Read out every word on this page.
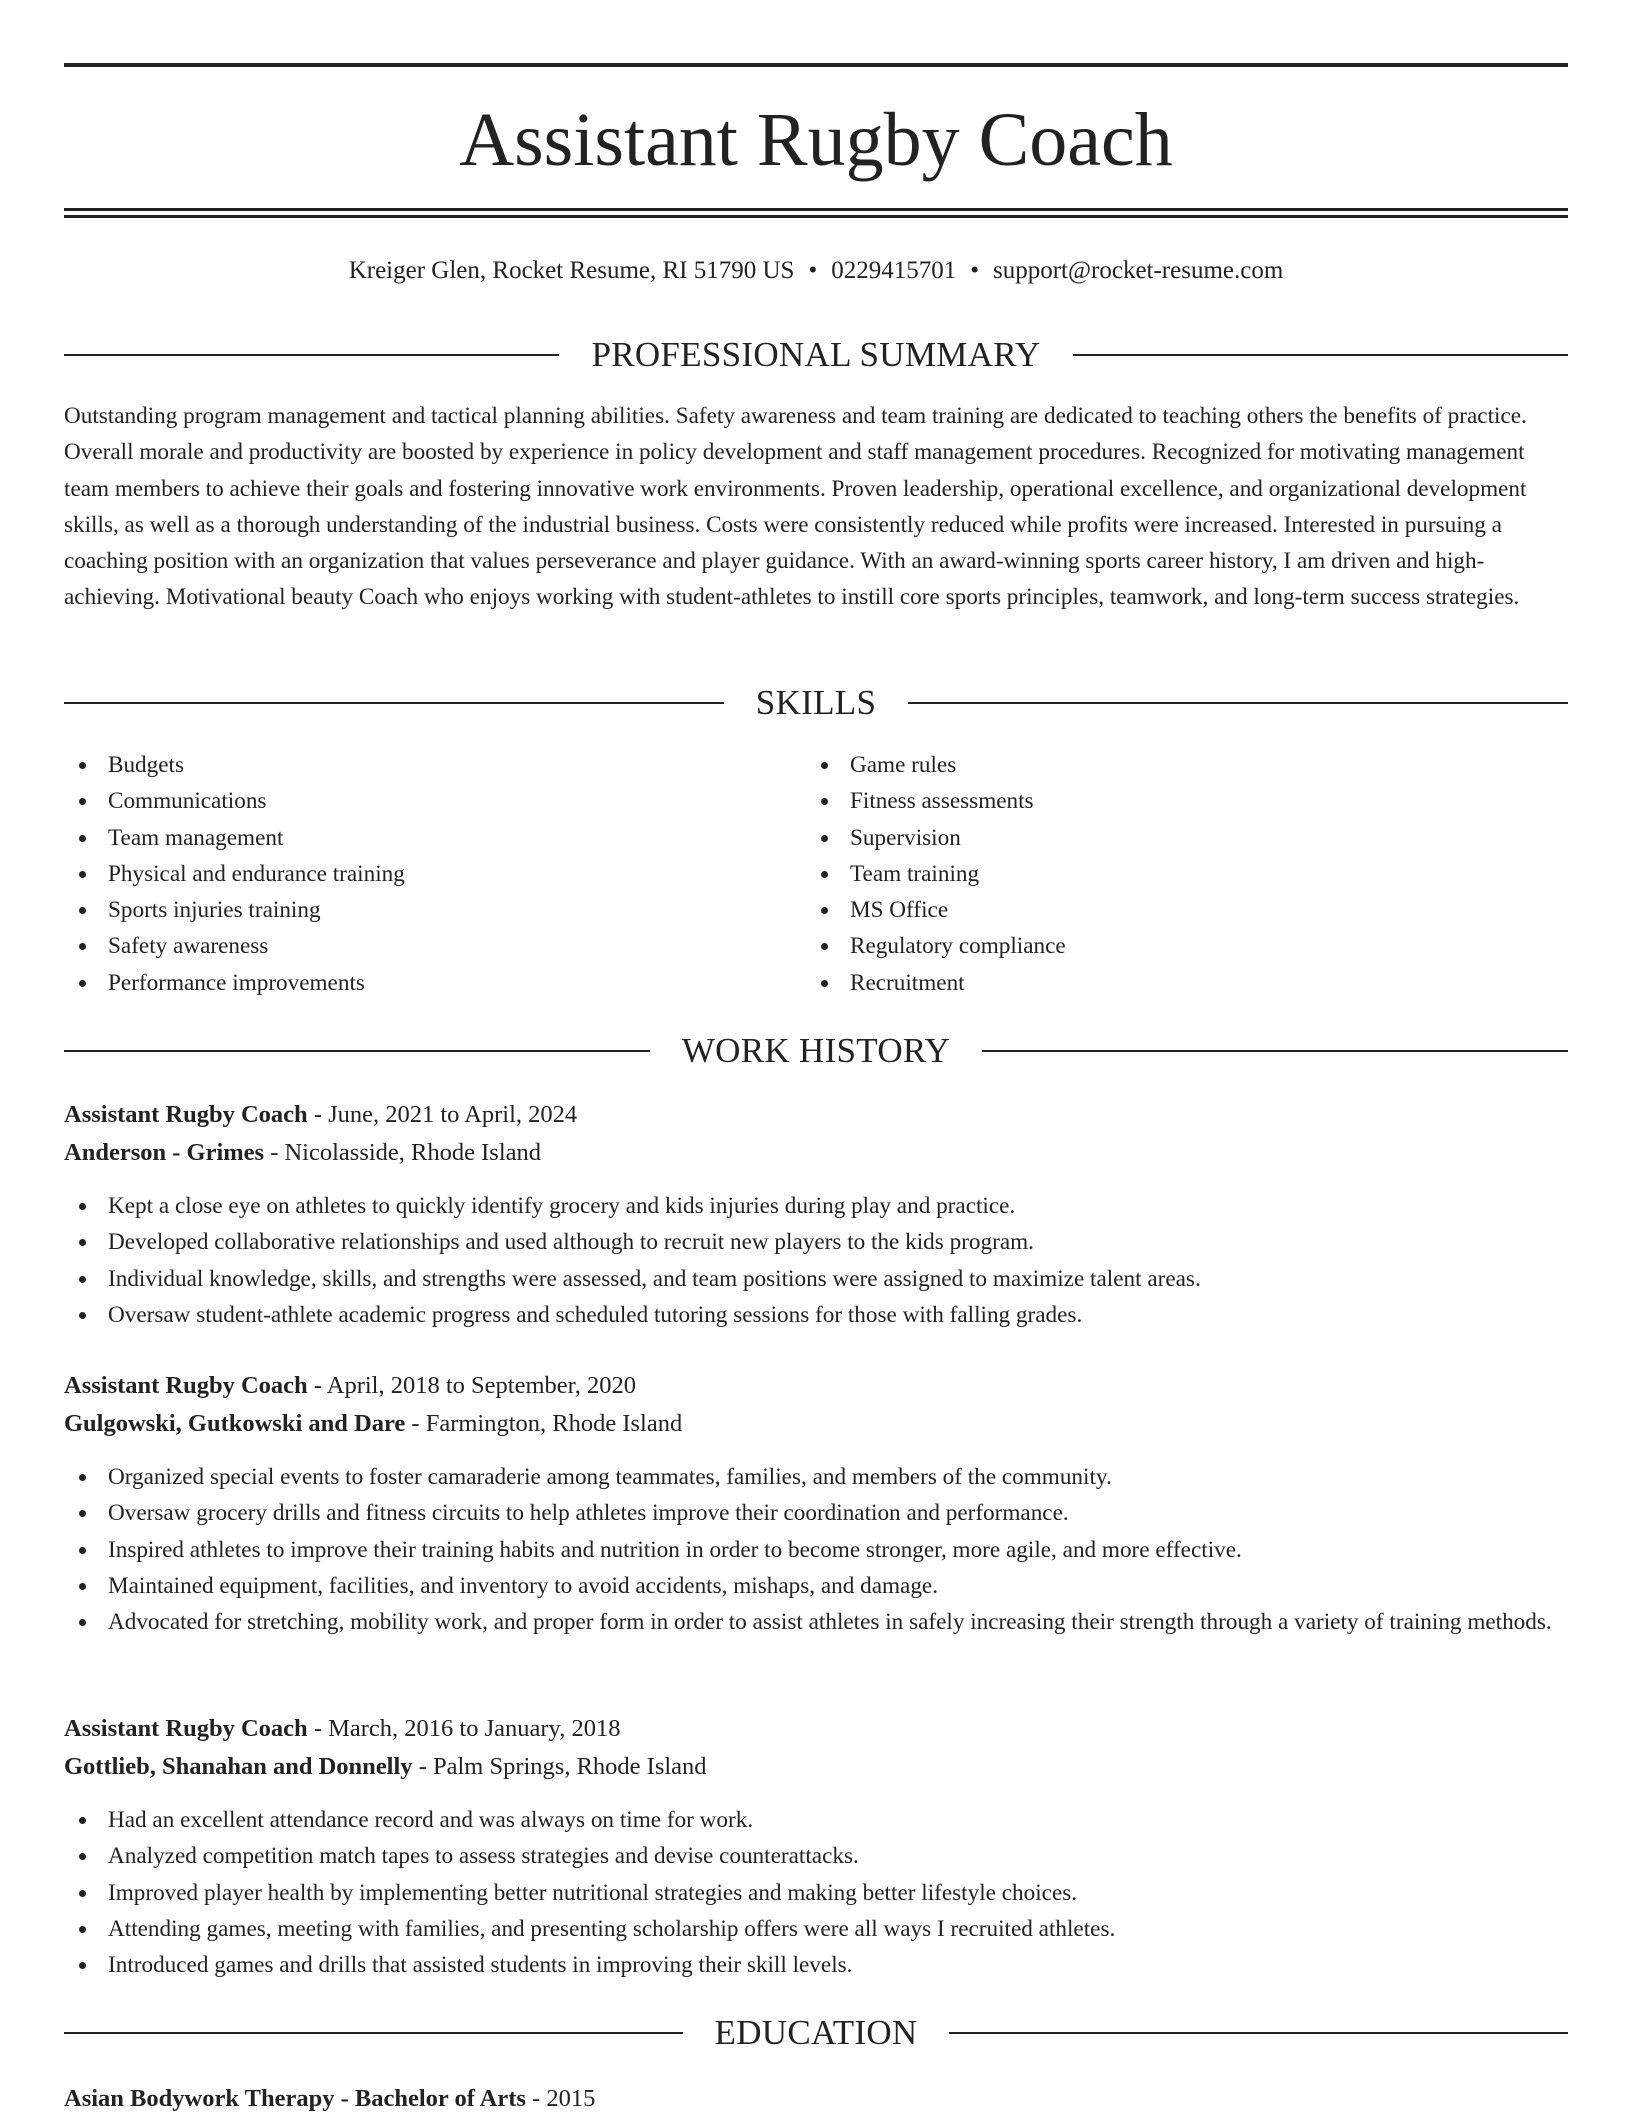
Assistant Rugby Coach
Kreiger Glen, Rocket Resume, RI 51790 US • 0229415701 • support@rocket-resume.com
PROFESSIONAL SUMMARY

Outstanding program management and tactical planning abilities. Safety awareness and team training are dedicated to teaching others the benefits of practice. Overall morale and productivity are boosted by experience in policy development and staff management procedures. Recognized for motivating management team members to achieve their goals and fostering innovative work environments. Proven leadership, operational excellence, and organizational development skills, as well as a thorough understanding of the industrial business. Costs were consistently reduced while profits were increased. Interested in pursuing a coaching position with an organization that values perseverance and player guidance. With an award-winning sports career history, I am driven and high-achieving. Motivational beauty Coach who enjoys working with student-athletes to instill core sports principles, teamwork, and long-term success strategies.

SKILLS
Budgets
Communications
Team management
Physical and endurance training
Sports injuries training
Safety awareness
Performance improvements
Game rules
Fitness assessments
Supervision
Team training
MS Office
Regulatory compliance
Recruitment
WORK HISTORY
Assistant Rugby Coach - June, 2021 to April, 2024
Anderson - Grimes - Nicolasside, Rhode Island
Kept a close eye on athletes to quickly identify grocery and kids injuries during play and practice.
Developed collaborative relationships and used although to recruit new players to the kids program.
Individual knowledge, skills, and strengths were assessed, and team positions were assigned to maximize talent areas.
Oversaw student-athlete academic progress and scheduled tutoring sessions for those with falling grades.
Assistant Rugby Coach - April, 2018 to September, 2020
Gulgowski, Gutkowski and Dare - Farmington, Rhode Island
Organized special events to foster camaraderie among teammates, families, and members of the community.
Oversaw grocery drills and fitness circuits to help athletes improve their coordination and performance.
Inspired athletes to improve their training habits and nutrition in order to become stronger, more agile, and more effective.
Maintained equipment, facilities, and inventory to avoid accidents, mishaps, and damage.
Advocated for stretching, mobility work, and proper form in order to assist athletes in safely increasing their strength through a variety of training methods.
Assistant Rugby Coach - March, 2016 to January, 2018
Gottlieb, Shanahan and Donnelly - Palm Springs, Rhode Island
Had an excellent attendance record and was always on time for work.
Analyzed competition match tapes to assess strategies and devise counterattacks.
Improved player health by implementing better nutritional strategies and making better lifestyle choices.
Attending games, meeting with families, and presenting scholarship offers were all ways I recruited athletes.
Introduced games and drills that assisted students in improving their skill levels.
EDUCATION
Asian Bodywork Therapy - Bachelor of Arts - 2015
